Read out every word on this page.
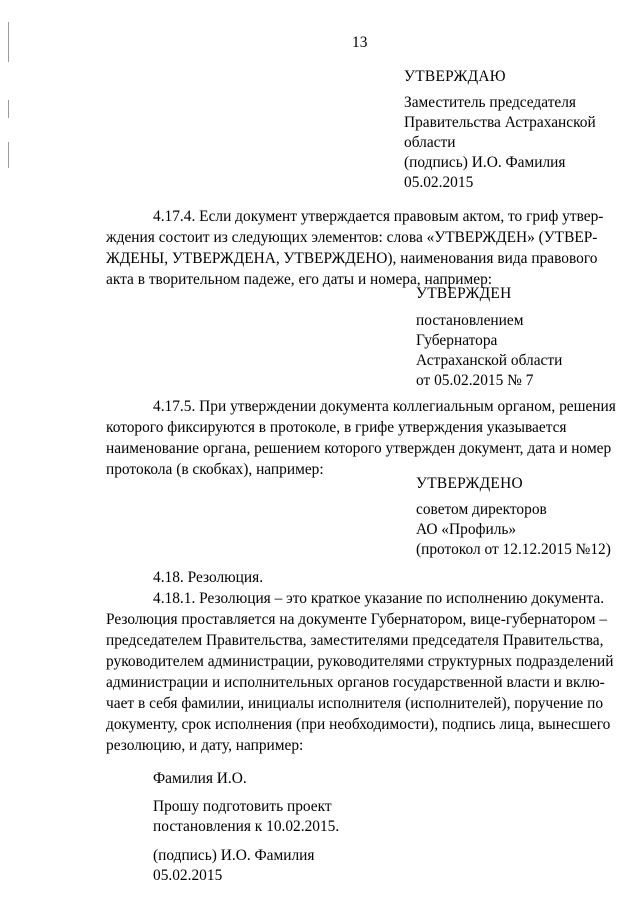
13
УТВЕРЖДАЮ
Заместитель председателя
Правительства Астраханской
области
(подпись) И.О. Фамилия
05.02.2015
4.17.4. Если документ утверждается правовым актом, то гриф утвер-
ждения состоит из следующих элементов: слова «УТВЕРЖДЕН» (УТВЕР-
ЖДЕНЫ, УТВЕРЖДЕНА, УТВЕРЖДЕНО), наименования вида правового
акта в творительном падеже, его даты и номера, например:
УТВЕРЖДЕН
постановлением
Губернатора
Астраханской области
от 05.02.2015 № 7
4.17.5. При утверждении документа коллегиальным органом, решения
которого фиксируются в протоколе, в грифе утверждения указывается
наименование органа, решением которого утвержден документ, дата и номер
протокола (в скобках), например:
УТВЕРЖДЕНО
советом директоров
АО «Профиль»
(протокол от 12.12.2015 №12)
4.18. Резолюция.
4.18.1. Резолюция – это краткое указание по исполнению документа.
Резолюция проставляется на документе Губернатором, вице-губернатором –
председателем Правительства, заместителями председателя Правительства,
руководителем администрации, руководителями структурных подразделений
администрации и исполнительных органов государственной власти и вклю-
чает в себя фамилии, инициалы исполнителя (исполнителей), поручение по
документу, срок исполнения (при необходимости), подпись лица, вынесшего
резолюцию, и дату, например:
Фамилия И.О.
Прошу подготовить проект
постановления к 10.02.2015.
(подпись) И.О. Фамилия
05.02.2015
